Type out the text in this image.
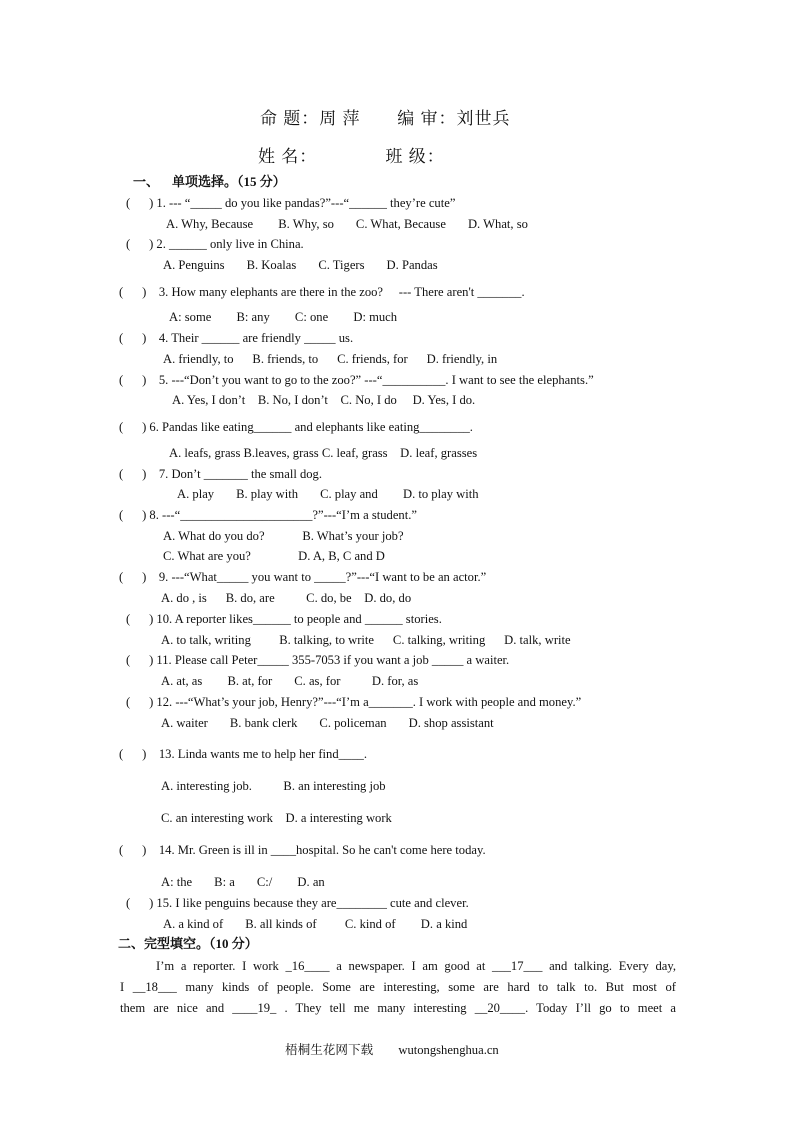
命 题：周 萍       编 审：刘世兵
姓 名：             班 级：
一、    单项选择。（15 分）
(      ) 1. --- “_____ do you like pandas?”---“______ they’re cute”
A. Why, Because        B. Why, so       C. What, Because       D. What, so
(      ) 2. ______ only live in China.
A. Penguins       B. Koalas       C. Tigers       D. Pandas
(      )    3. How many elephants are there in the zoo?     --- There aren't _______.
A: some        B: any        C: one        D: much
(      )    4. Their ______ are friendly _____ us.
A. friendly, to      B. friends, to      C. friends, for      D. friendly, in
(      )    5. ---“Don’t you want to go to the zoo?” ---“__________. I want to see the elephants.”
A. Yes, I don’t    B. No, I don’t    C. No, I do     D. Yes, I do.
(      ) 6. Pandas like eating______ and elephants like eating________.
A. leafs, grass B.leaves, grass C. leaf, grass    D. leaf, grasses
(      )    7. Don’t _______ the small dog.
A. play       B. play with       C. play and        D. to play with
(      ) 8. ---“_____________________?”---“I’m a student.”
A. What do you do?            B. What’s your job?
C. What are you?               D. A, B, C and D
(      )    9. ---“What_____ you want to _____?”---“I want to be an actor.”
A. do , is      B. do, are          C. do, be    D. do, do
(      ) 10. A reporter likes______ to people and ______ stories.
A. to talk, writing         B. talking, to write      C. talking, writing      D. talk, write
(      ) 11. Please call Peter_____ 355-7053 if you want a job _____ a waiter.
A. at, as        B. at, for       C. as, for          D. for, as
(      ) 12. ---“What’s your job, Henry?”---“I’m a_______. I work with people and money.”
A. waiter       B. bank clerk       C. policeman       D. shop assistant
(      )    13. Linda wants me to help her find____.
A. interesting job.          B. an interesting job
C. an interesting work    D. a interesting work
(      )    14. Mr. Green is ill in ____hospital. So he can't come here today.
A: the       B: a       C:/        D. an
(      ) 15. I like penguins because they are________ cute and clever.
A. a kind of       B. all kinds of         C. kind of        D. a kind
二、完型填空。（10 分）

I’m a reporter. I work _16____ a newspaper. I am good at ___17___ and talking. Every day,

I __18___ many kinds of people. Some are interesting, some are hard to talk to. But most of

them are nice and ____19_ . They tell me many interesting __20____. Today I’ll go to meet a

梧桐生花网下载        wutongshenghua.cn
